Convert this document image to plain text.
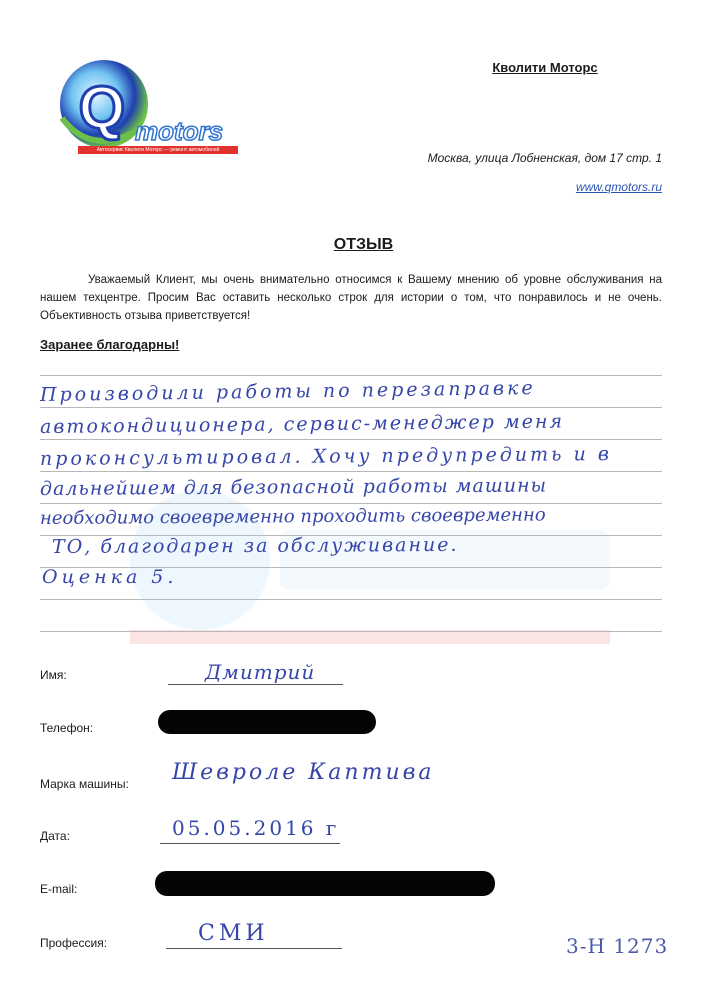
Q motors
Автосервис Кволити Моторс — ремонт автомобилей
Кволити Моторс
Москва, улица Лобненская, дом 17 стр. 1
www.qmotors.ru
ОТЗЫВ
Уважаемый Клиент, мы очень внимательно относимся к Вашему мнению об уровне обслуживания на нашем техцентре. Просим Вас оставить несколько строк для истории о том, что понравилось и не очень. Объективность отзыва приветствуется!
Заранее благодарны!
Производили работы по перезаправке
автокондиционера, сервис-менеджер меня
проконсультировал. Хочу предупредить и в
дальнейшем для безопасной работы машины
необходимо своевременно проходить своевременно
ТО, благодарен за обслуживание.
Оценка 5.
Имя:	Дмитрий
Телефон:
Марка машины: Шевроле Каптива
Дата:	05.05.2016 г
E-mail:
Профессия:	СМИ	3-Н 1273
